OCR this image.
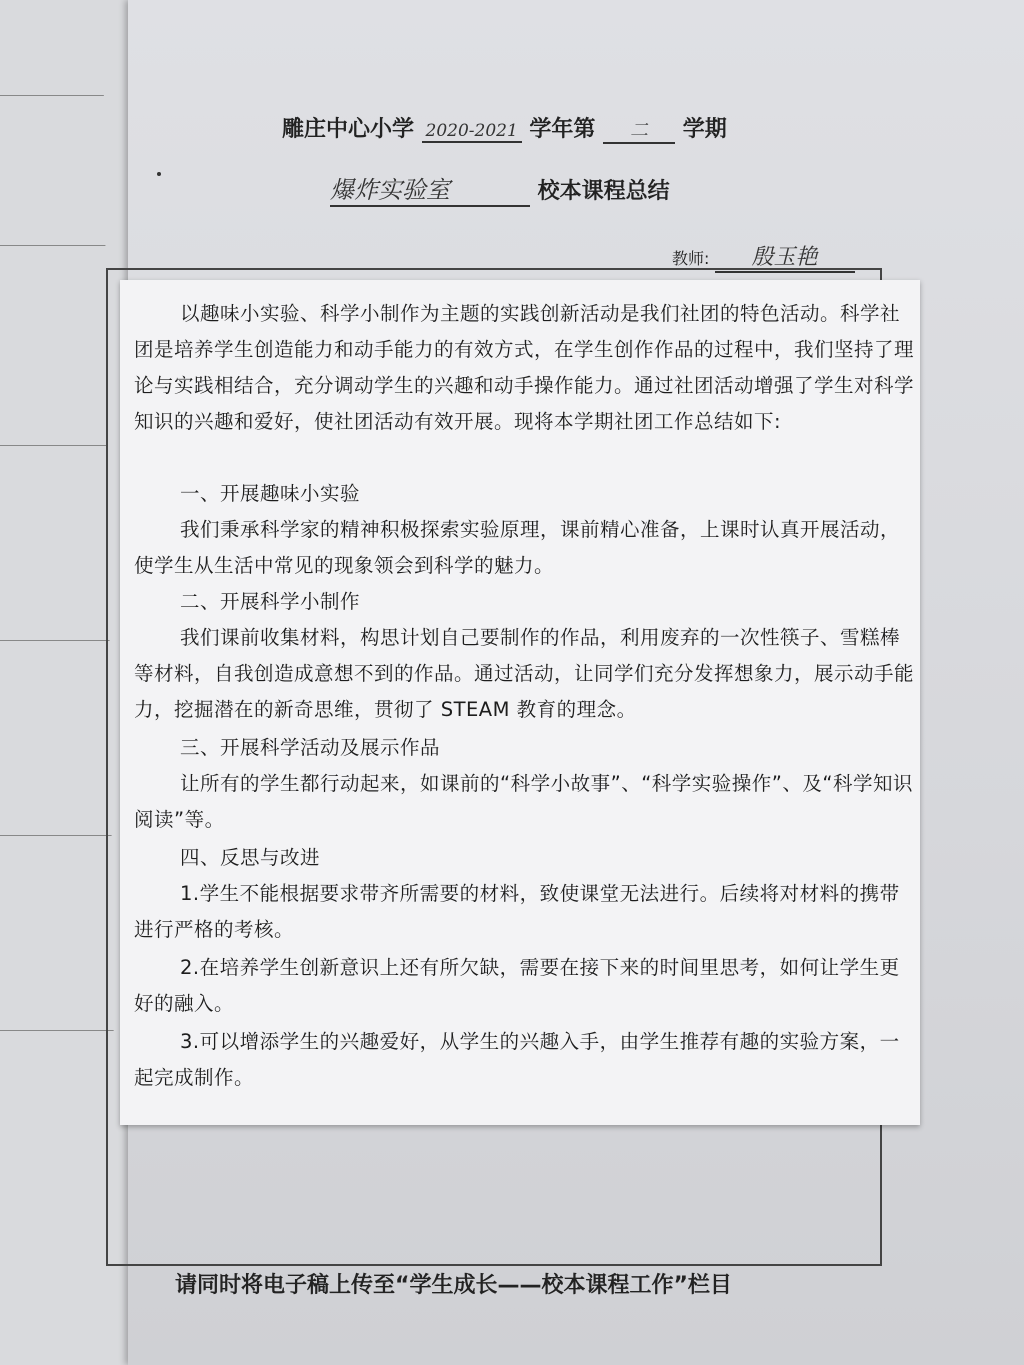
雕庄中心小学 2020-2021 学年第 二 学期
爆炸实验室	校本课程总结
教师: 殷玉艳

以趣味小实验、科学小制作为主题的实践创新活动是我们社团的特色活动。科学社团是培养学生创造能力和动手能力的有效方式，在学生创作作品的过程中，我们坚持了理论与实践相结合，充分调动学生的兴趣和动手操作能力。通过社团活动增强了学生对科学知识的兴趣和爱好，使社团活动有效开展。现将本学期社团工作总结如下:

一、开展趣味小实验

我们秉承科学家的精神积极探索实验原理，课前精心准备，上课时认真开展活动，使学生从生活中常见的现象领会到科学的魅力。

二、开展科学小制作

我们课前收集材料，构思计划自己要制作的作品，利用废弃的一次性筷子、雪糕棒等材料，自我创造成意想不到的作品。通过活动，让同学们充分发挥想象力，展示动手能力，挖掘潜在的新奇思维，贯彻了 STEAM 教育的理念。

三、开展科学活动及展示作品

让所有的学生都行动起来，如课前的“科学小故事”、“科学实验操作”、及“科学知识阅读”等。

四、反思与改进

1.学生不能根据要求带齐所需要的材料，致使课堂无法进行。后续将对材料的携带进行严格的考核。

2.在培养学生创新意识上还有所欠缺，需要在接下来的时间里思考，如何让学生更好的融入。

3.可以增添学生的兴趣爱好，从学生的兴趣入手，由学生推荐有趣的实验方案，一起完成制作。

请同时将电子稿上传至“学生成长——校本课程工作”栏目
